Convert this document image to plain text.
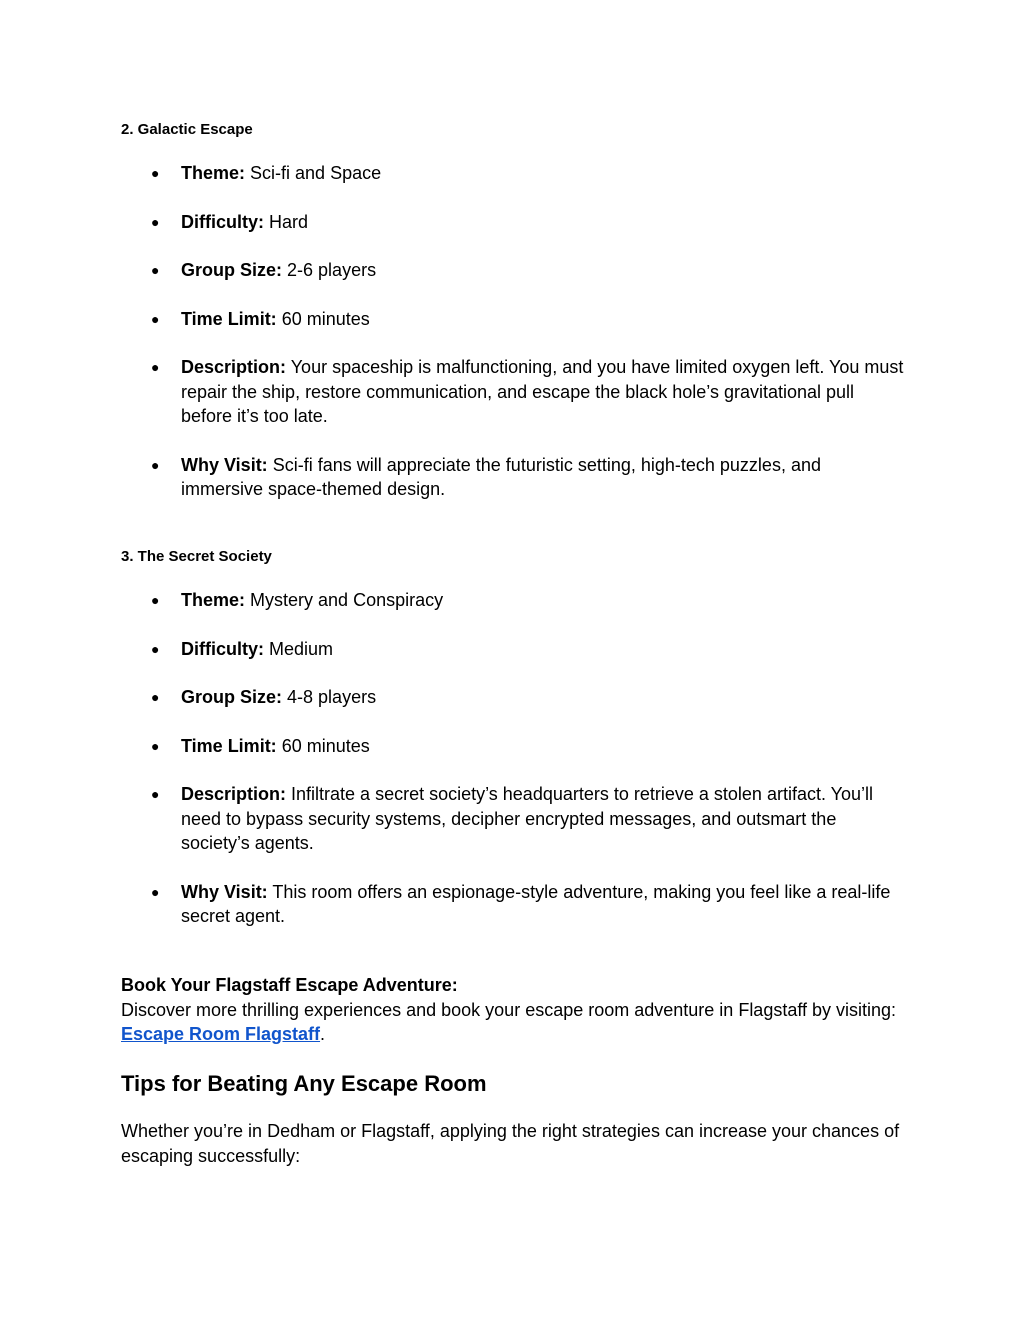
2. Galactic Escape
● Theme: Sci-fi and Space
● Difficulty: Hard
● Group Size: 2-6 players
● Time Limit: 60 minutes
● Description: Your spaceship is malfunctioning, and you have limited oxygen left. You must repair the ship, restore communication, and escape the black hole’s gravitational pull before it’s too late.
● Why Visit: Sci-fi fans will appreciate the futuristic setting, high-tech puzzles, and immersive space-themed design.
3. The Secret Society
● Theme: Mystery and Conspiracy
● Difficulty: Medium
● Group Size: 4-8 players
● Time Limit: 60 minutes
● Description: Infiltrate a secret society’s headquarters to retrieve a stolen artifact. You’ll need to bypass security systems, decipher encrypted messages, and outsmart the society’s agents.
● Why Visit: This room offers an espionage-style adventure, making you feel like a real-life secret agent.

Book Your Flagstaff Escape Adventure:
Discover more thrilling experiences and book your escape room adventure in Flagstaff by visiting: Escape Room Flagstaff.

Tips for Beating Any Escape Room

Whether you’re in Dedham or Flagstaff, applying the right strategies can increase your chances of escaping successfully:
